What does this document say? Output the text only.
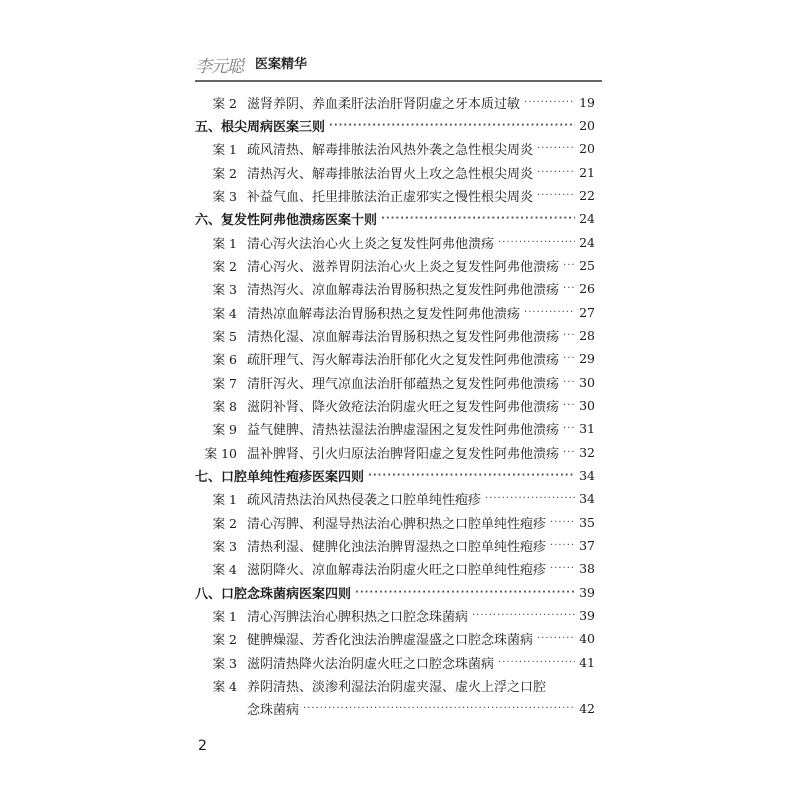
李元聪 医案精华
案 2 滋肾养阴、养血柔肝法治肝肾阴虚之牙本质过敏 ·····	19
五、根尖周病医案三则 ·····	20
案 1 疏风清热、解毒排脓法治风热外袭之急性根尖周炎 ·····	20
案 2 清热泻火、解毒排脓法治胃火上攻之急性根尖周炎 ·····	21
案 3 补益气血、托里排脓法治正虚邪实之慢性根尖周炎 ·····	22
六、复发性阿弗他溃疡医案十则 ·····	24
案 1 清心泻火法治心火上炎之复发性阿弗他溃疡 ·····	24
案 2 清心泻火、滋养胃阴法治心火上炎之复发性阿弗他溃疡 ····· 25
案 3 清热泻火、凉血解毒法治胃肠积热之复发性阿弗他溃疡 ····· 26
案 4 清热凉血解毒法治胃肠积热之复发性阿弗他溃疡 ·····	27
案 5 清热化湿、凉血解毒法治胃肠积热之复发性阿弗他溃疡 ····· 28
案 6 疏肝理气、泻火解毒法治肝郁化火之复发性阿弗他溃疡 ····· 29
案 7 清肝泻火、理气凉血法治肝郁蕴热之复发性阿弗他溃疡 ····· 30
案 8 滋阴补肾、降火敛疮法治阴虚火旺之复发性阿弗他溃疡 ····· 30
案 9 益气健脾、清热祛湿法治脾虚湿困之复发性阿弗他溃疡 ····· 31
案 10 温补脾肾、引火归原法治脾肾阳虚之复发性阿弗他溃疡 ····· 32
七、口腔单纯性疱疹医案四则 ·····	34
案 1 疏风清热法治风热侵袭之口腔单纯性疱疹 ·····	34
案 2 清心泻脾、利湿导热法治心脾积热之口腔单纯性疱疹 ·····	35
案 3 清热利湿、健脾化浊法治脾胃湿热之口腔单纯性疱疹 ·····	37
案 4 滋阴降火、凉血解毒法治阴虚火旺之口腔单纯性疱疹 ·····	38
八、口腔念珠菌病医案四则 ·····	39
案 1 清心泻脾法治心脾积热之口腔念珠菌病 ·····	39
案 2 健脾燥湿、芳香化浊法治脾虚湿盛之口腔念珠菌病 ·····	40
案 3 滋阴清热降火法治阴虚火旺之口腔念珠菌病 ·····	41
案 4 养阴清热、淡渗利湿法治阴虚夹湿、虚火上浮之口腔
念珠菌病 ·····	42
2
